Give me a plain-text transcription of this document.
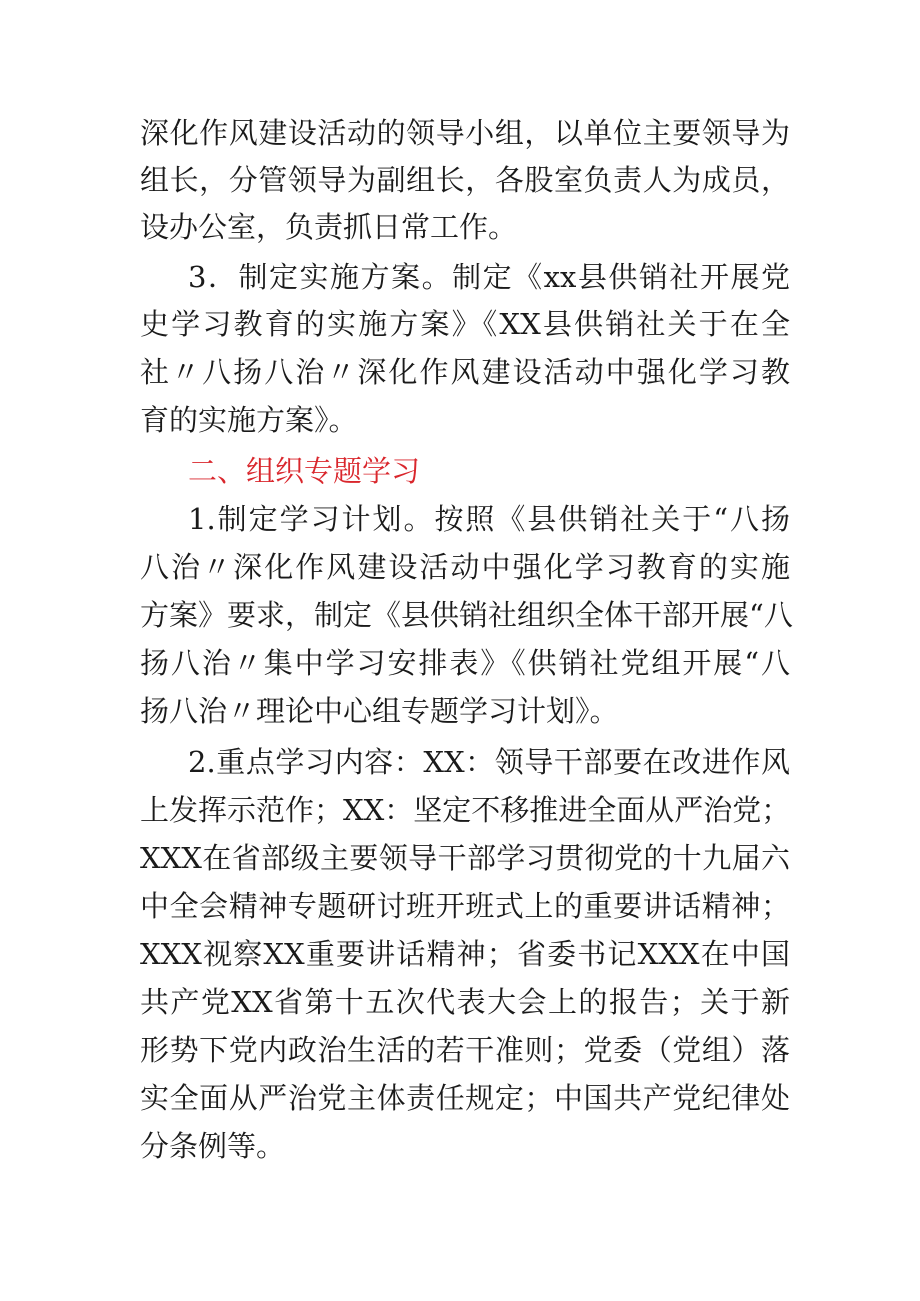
深化作风建设活动的领导小组，以单位主要领导为

组长，分管领导为副组长，各股室负责人为成员，

设办公室，负责抓日常工作。

3．制定实施方案。制定《xx县供销社开展党

史学习教育的实施方案》《XX县供销社关于在全

社〃八扬八治〃深化作风建设活动中强化学习教

育的实施方案》。

二、组织专题学习

1.制定学习计划。按照《县供销社关于“八扬

八治〃深化作风建设活动中强化学习教育的实施

方案》要求，制定《县供销社组织全体干部开展“八

扬八治〃集中学习安排表》《供销社党组开展“八

扬八治〃理论中心组专题学习计划》。

2.重点学习内容：XX：领导干部要在改进作风

上发挥示范作；XX：坚定不移推进全面从严治党；

XXX在省部级主要领导干部学习贯彻党的十九届六

中全会精神专题研讨班开班式上的重要讲话精神；

XXX视察XX重要讲话精神；省委书记XXX在中国

共产党XX省第十五次代表大会上的报告；关于新

形势下党内政治生活的若干准则；党委（党组）落

实全面从严治党主体责任规定；中国共产党纪律处

分条例等。
